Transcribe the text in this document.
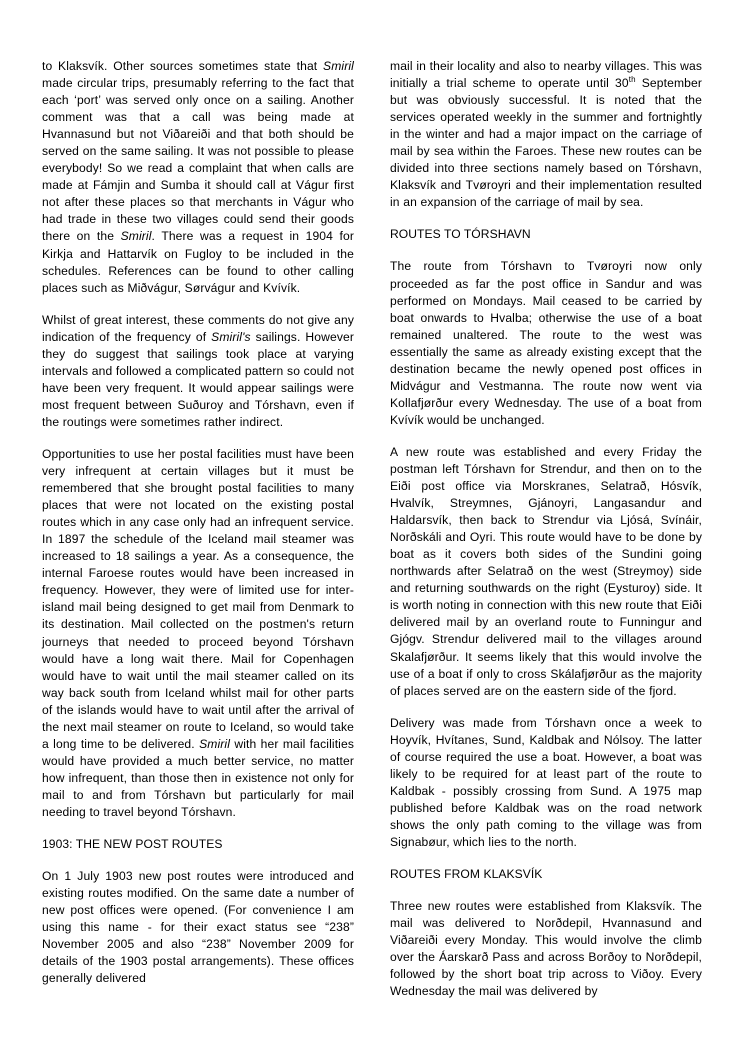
to Klaksvík. Other sources sometimes state that Smiril made circular trips, presumably referring to the fact that each ‘port’ was served only once on a sailing. Another comment was that a call was being made at Hvannasund but not Viðareiði and that both should be served on the same sailing. It was not possible to please everybody! So we read a complaint that when calls are made at Fámjin and Sumba it should call at Vágur first not after these places so that merchants in Vágur who had trade in these two villages could send their goods there on the Smiril. There was a request in 1904 for Kirkja and Hattarvík on Fugloy to be included in the schedules. References can be found to other calling places such as Miðvágur, Sørvágur and Kvívík.

Whilst of great interest, these comments do not give any indication of the frequency of Smiril's sailings. However they do suggest that sailings took place at varying intervals and followed a complicated pattern so could not have been very frequent. It would appear sailings were most frequent between Suðuroy and Tórshavn, even if the routings were sometimes rather indirect.

Opportunities to use her postal facilities must have been very infrequent at certain villages but it must be remembered that she brought postal facilities to many places that were not located on the existing postal routes which in any case only had an infrequent service. In 1897 the schedule of the Iceland mail steamer was increased to 18 sailings a year. As a consequence, the internal Faroese routes would have been increased in frequency. However, they were of limited use for inter-island mail being designed to get mail from Denmark to its destination. Mail collected on the postmen's return journeys that needed to proceed beyond Tórshavn would have a long wait there. Mail for Copenhagen would have to wait until the mail steamer called on its way back south from Iceland whilst mail for other parts of the islands would have to wait until after the arrival of the next mail steamer on route to Iceland, so would take a long time to be delivered. Smiril with her mail facilities would have provided a much better service, no matter how infrequent, than those then in existence not only for mail to and from Tórshavn but particularly for mail needing to travel beyond Tórshavn.

1903: THE NEW POST ROUTES

On 1 July 1903 new post routes were introduced and existing routes modified. On the same date a number of new post offices were opened. (For convenience I am using this name - for their exact status see “238” November 2005 and also “238” November 2009 for details of the 1903 postal arrangements). These offices generally delivered

mail in their locality and also to nearby villages. This was initially a trial scheme to operate until 30th September but was obviously successful. It is noted that the services operated weekly in the summer and fortnightly in the winter and had a major impact on the carriage of mail by sea within the Faroes. These new routes can be divided into three sections namely based on Tórshavn, Klaksvík and Tvøroyri and their implementation resulted in an expansion of the carriage of mail by sea.

ROUTES TO TÓRSHAVN

The route from Tórshavn to Tvøroyri now only proceeded as far the post office in Sandur and was performed on Mondays. Mail ceased to be carried by boat onwards to Hvalba; otherwise the use of a boat remained unaltered. The route to the west was essentially the same as already existing except that the destination became the newly opened post offices in Midvágur and Vestmanna. The route now went via Kollafjørður every Wednesday. The use of a boat from Kvívík would be unchanged.

A new route was established and every Friday the postman left Tórshavn for Strendur, and then on to the Eiði post office via Morskranes, Selatrað, Hósvík, Hvalvík, Streymnes, Gjánoyri, Langasandur and Haldarsvík, then back to Strendur via Ljósá, Svínáir, Norðskáli and Oyri. This route would have to be done by boat as it covers both sides of the Sundini going northwards after Selatrað on the west (Streymoy) side and returning southwards on the right (Eysturoy) side. It is worth noting in connection with this new route that Eiði delivered mail by an overland route to Funningur and Gjógv. Strendur delivered mail to the villages around Skalafjørður. It seems likely that this would involve the use of a boat if only to cross Skálafjørður as the majority of places served are on the eastern side of the fjord.

Delivery was made from Tórshavn once a week to Hoyvík, Hvítanes, Sund, Kaldbak and Nólsoy. The latter of course required the use a boat. However, a boat was likely to be required for at least part of the route to Kaldbak - possibly crossing from Sund. A 1975 map published before Kaldbak was on the road network shows the only path coming to the village was from Signabøur, which lies to the north.

ROUTES FROM KLAKSVÍK

Three new routes were established from Klaksvík. The mail was delivered to Norðdepil, Hvannasund and Viðareiði every Monday. This would involve the climb over the Áarskarð Pass and across Borðoy to Norðdepil, followed by the short boat trip across to Viðoy. Every Wednesday the mail was delivered by
